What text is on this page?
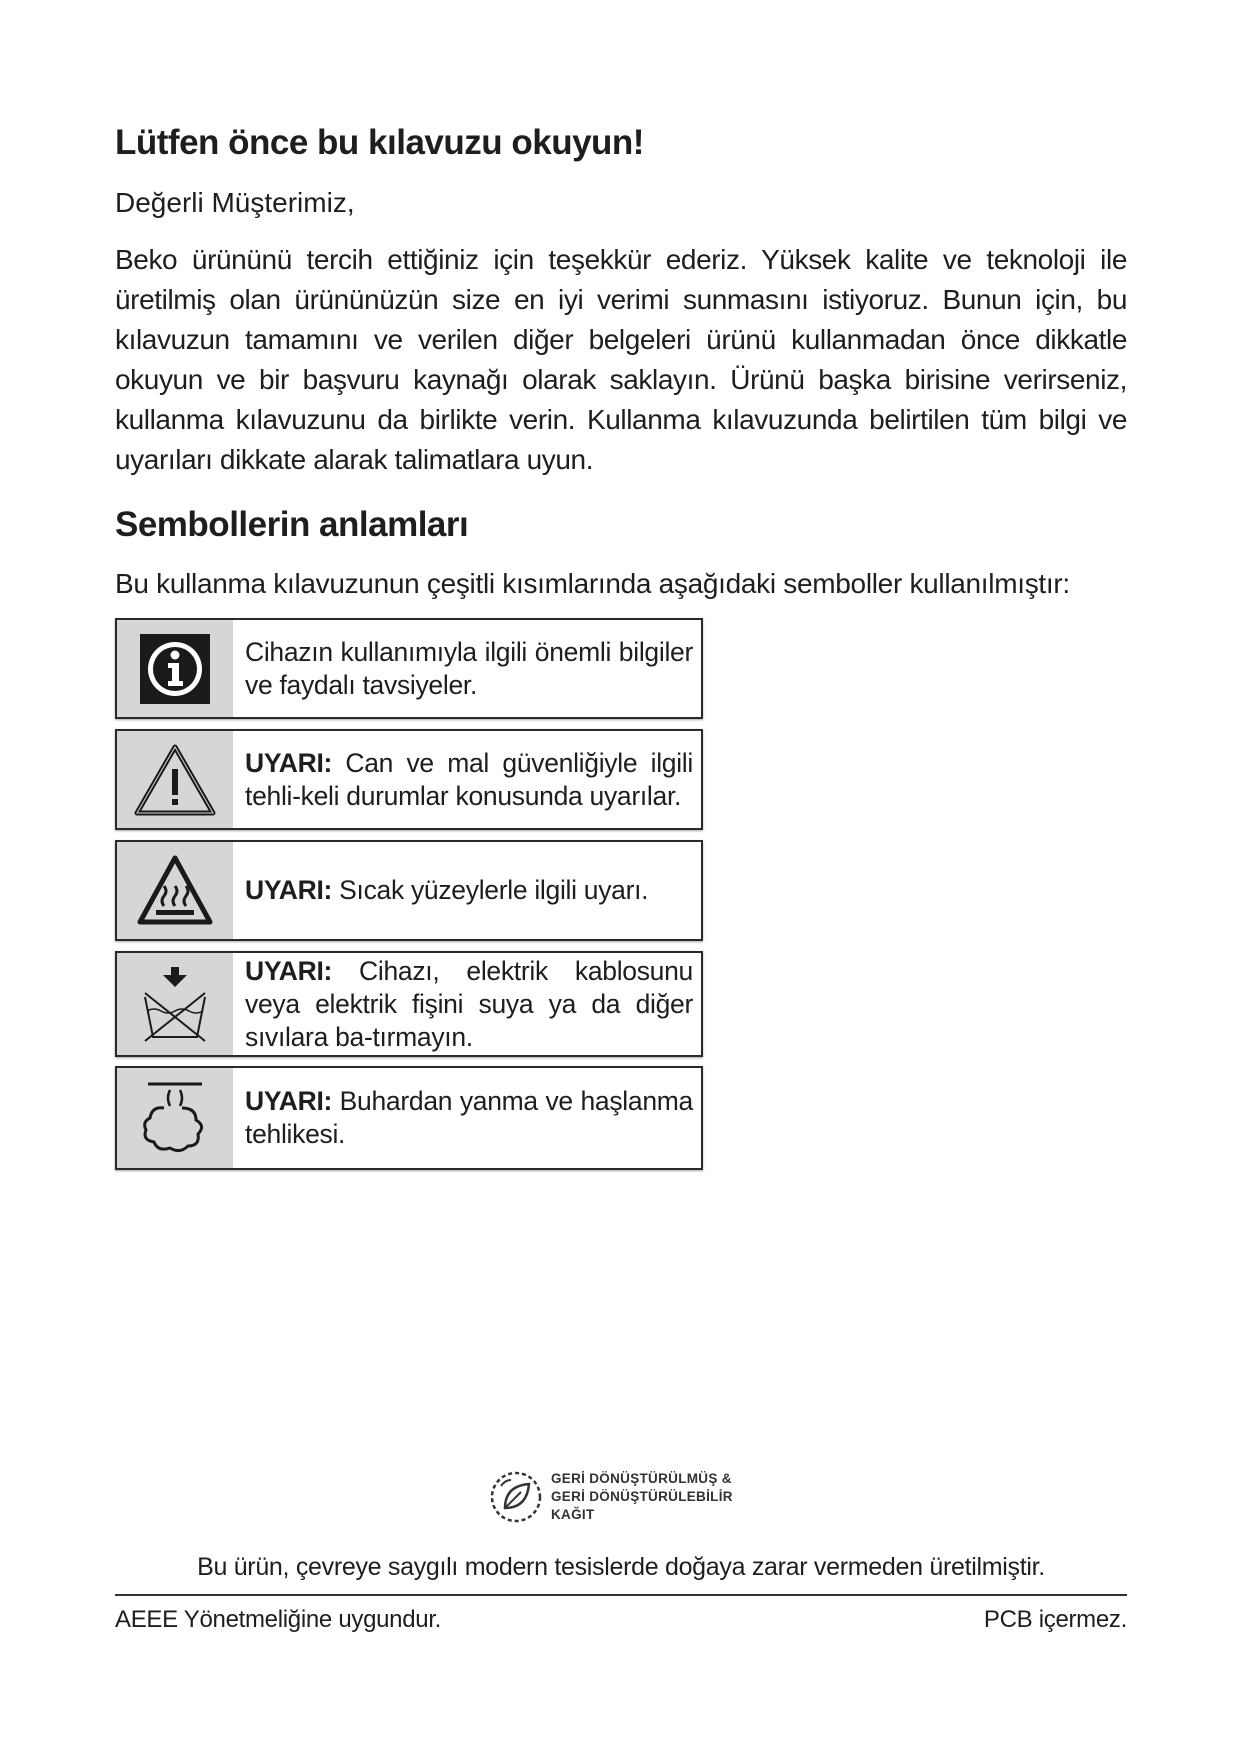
Lütfen önce bu kılavuzu okuyun!
Değerli Müşterimiz,
Beko ürününü tercih ettiğiniz için teşekkür ederiz. Yüksek kalite ve teknoloji ile üretilmiş olan ürününüzün size en iyi verimi sunmasını istiyoruz. Bunun için, bu kılavuzun tamamını ve verilen diğer belgeleri ürünü kullanmadan önce dikkatle okuyun ve bir başvuru kaynağı olarak saklayın. Ürünü başka birisine verirseniz, kullanma kılavuzunu da birlikte verin. Kullanma kılavuzunda belirtilen tüm bilgi ve uyarıları dikkate alarak talimatlara uyun.
Sembollerin anlamları
Bu kullanma kılavuzunun çeşitli kısımlarında aşağıdaki semboller kullanılmıştır:

Cihazın kullanımıyla ilgili önemli bilgiler ve faydalı tavsiyeler.

UYARI: Can ve mal güvenliğiyle ilgili tehli-keli durumlar konusunda uyarılar.

UYARI: Sıcak yüzeylerle ilgili uyarı.

UYARI: Cihazı, elektrik kablosunu veya elektrik fişini suya ya da diğer sıvılara ba-tırmayın.

UYARI: Buhardan yanma ve haşlanma tehlikesi.

GERİ DÖNÜŞTÜRÜLMÜŞ &
GERİ DÖNÜŞTÜRÜLEBİLİR
KAĞIT
Bu ürün, çevreye saygılı modern tesislerde doğaya zarar vermeden üretilmiştir.
AEEE Yönetmeliğine uygundur.	PCB içermez.
